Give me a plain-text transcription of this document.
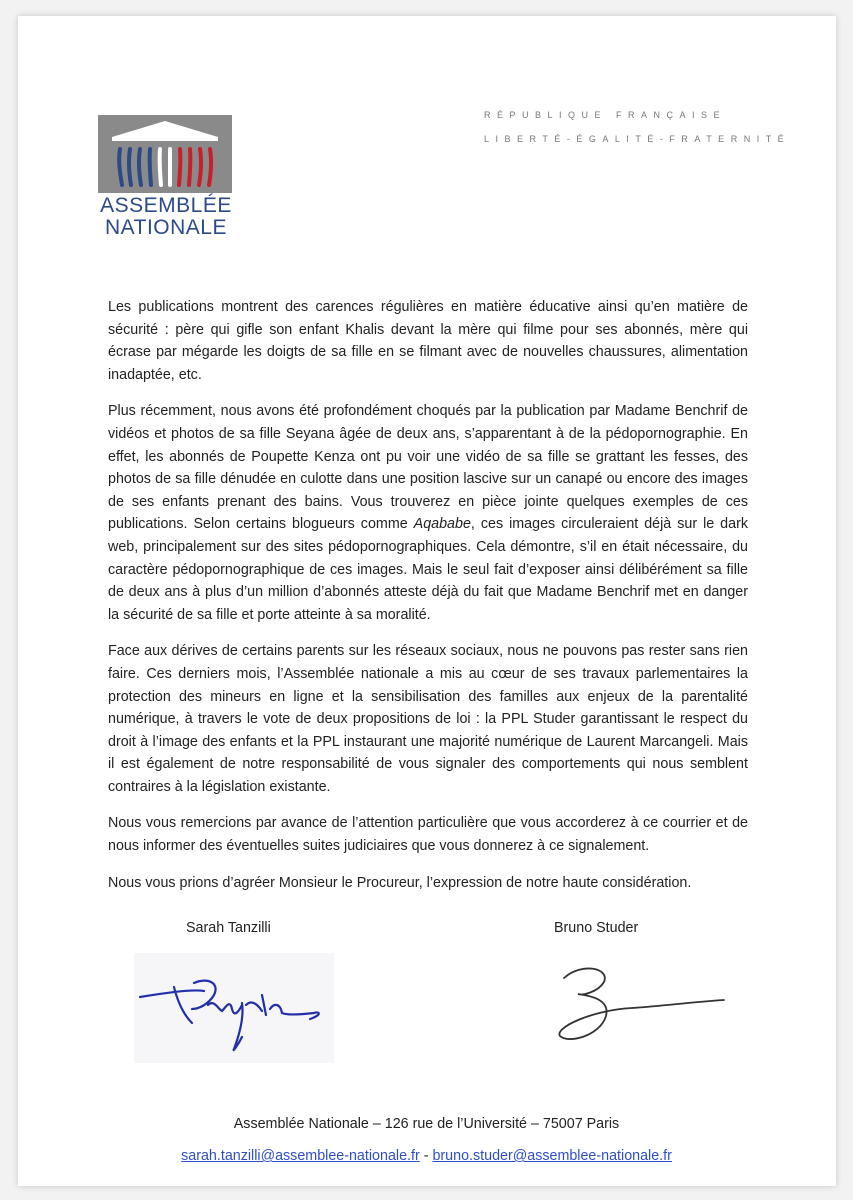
ASSEMBLÉE
NATIONALE
RÉPUBLIQUE FRANÇAISE
LIBERTÉ-ÉGALITÉ-FRATERNITÉ

Les publications montrent des carences régulières en matière éducative ainsi qu’en matière de sécurité : père qui gifle son enfant Khalis devant la mère qui filme pour ses abonnés, mère qui écrase par mégarde les doigts de sa fille en se filmant avec de nouvelles chaussures, alimentation inadaptée, etc.

Plus récemment, nous avons été profondément choqués par la publication par Madame Benchrif de vidéos et photos de sa fille Seyana âgée de deux ans, s’apparentant à de la pédopornographie. En effet, les abonnés de Poupette Kenza ont pu voir une vidéo de sa fille se grattant les fesses, des photos de sa fille dénudée en culotte dans une position lascive sur un canapé ou encore des images de ses enfants prenant des bains. Vous trouverez en pièce jointe quelques exemples de ces publications. Selon certains blogueurs comme Aqababe, ces images circuleraient déjà sur le dark web, principalement sur des sites pédopornographiques. Cela démontre, s’il en était nécessaire, du caractère pédopornographique de ces images. Mais le seul fait d’exposer ainsi délibérément sa fille de deux ans à plus d’un million d’abonnés atteste déjà du fait que Madame Benchrif met en danger la sécurité de sa fille et porte atteinte à sa moralité.

Face aux dérives de certains parents sur les réseaux sociaux, nous ne pouvons pas rester sans rien faire. Ces derniers mois, l’Assemblée nationale a mis au cœur de ses travaux parlementaires la protection des mineurs en ligne et la sensibilisation des familles aux enjeux de la parentalité numérique, à travers le vote de deux propositions de loi : la PPL Studer garantissant le respect du droit à l’image des enfants et la PPL instaurant une majorité numérique de Laurent Marcangeli. Mais il est également de notre responsabilité de vous signaler des comportements qui nous semblent contraires à la législation existante.

Nous vous remercions par avance de l’attention particulière que vous accorderez à ce courrier et de nous informer des éventuelles suites judiciaires que vous donnerez à ce signalement.

Nous vous prions d’agréer Monsieur le Procureur, l’expression de notre haute considération.

Sarah Tanzilli	Bruno Studer
Assemblée Nationale – 126 rue de l’Université – 75007 Paris
sarah.tanzilli@assemblee-nationale.fr - bruno.studer@assemblee-nationale.fr
